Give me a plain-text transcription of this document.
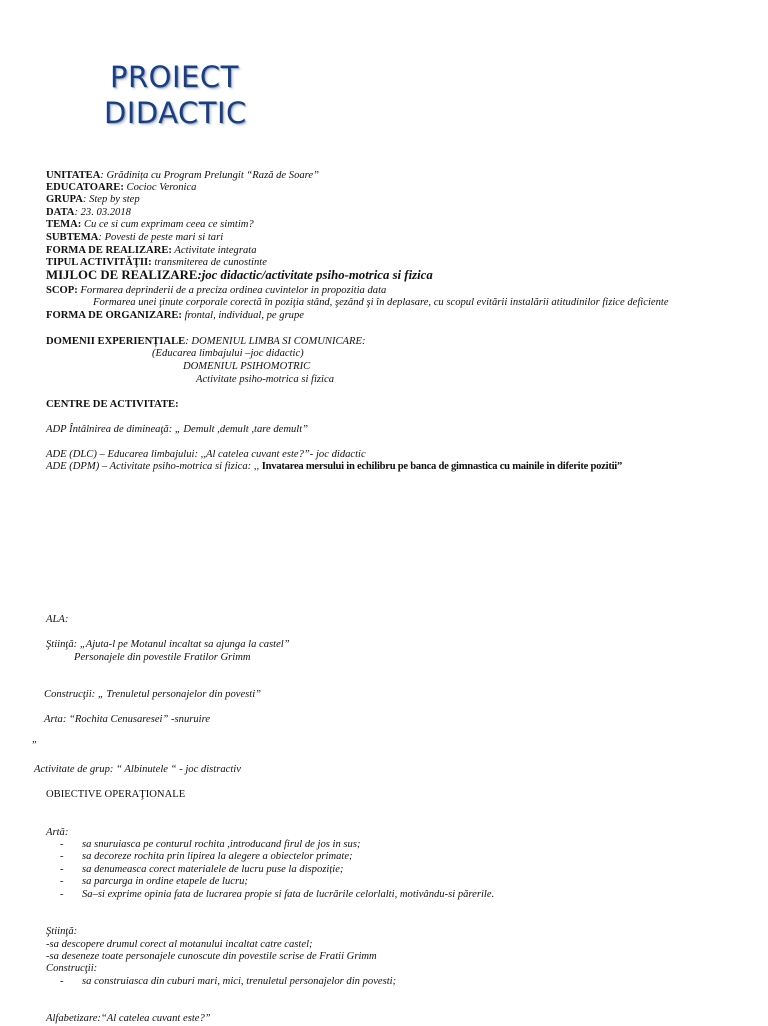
PROIECT
DIDACTIC
UNITATEA: Grădinița cu Program Prelungit “Rază de Soare”
EDUCATOARE: Cocioc Veronica
GRUPA: Step by step
DATA: 23. 03.2018
TEMA: Cu ce si cum exprimam ceea ce simtim?
SUBTEMA: Povesti de peste mari si tari
FORMA DE REALIZARE: Activitate integrata
TIPUL ACTIVITĂŢII: transmiterea de cunostinte
MIJLOC DE REALIZARE:joc didactic/activitate psiho-motrica si fizica
SCOP: Formarea deprinderii de a preciza ordinea cuvintelor in propozitia data
Formarea unei ţinute corporale corectă în poziţia stând, şezând şi în deplasare, cu scopul evitării instalării atitudinilor fizice deficiente
FORMA DE ORGANIZARE: frontal, individual, pe grupe
DOMENII EXPERIENȚIALE: DOMENIUL LIMBA SI COMUNICARE:
(Educarea limbajului –joc didactic)
DOMENIUL PSIHOMOTRIC
Activitate psiho-motrica si fizica
CENTRE DE ACTIVITATE:
ADP Întâlnirea de dimineaţă: „ Demult ,demult ,tare demult”
ADE (DLC) – Educarea limbajului: ,,Al catelea cuvant este?”- joc didactic
ADE (DPM) – Activitate psiho-motrica si fizica: ,, Invatarea mersului in echilibru pe banca de gimnastica cu mainile in diferite pozitii”
ALA:
Ştiinţă: „Ajuta-l pe Motanul incaltat sa ajunga la castel”
Personajele din povestile Fratilor Grimm
Construcţii: „ Trenuletul personajelor din povesti”
Arta: “Rochita Cenusaresei” -snuruire
„
Activitate de grup: “ Albinutele “ - joc distractiv
OBIECTIVE OPERAŢIONALE
Artă:
- sa snuruiasca pe conturul rochita ,introducand firul de jos in sus;
- sa decoreze rochita prin lipirea la alegere a obiectelor primate;
- sa denumeasca corect materialele de lucru puse la dispoziție;
- sa parcurga in ordine etapele de lucru;
- Sa–si exprime opinia fata de lucrarea propie si fata de lucrările celorlalti, motivându-si părerile.
Ştiinţă:
-sa descopere drumul corect al motanului incaltat catre castel;
-sa deseneze toate personajele cunoscute din povestile scrise de Fratii Grimm
Construcţii:
- sa construiasca din cuburi mari, mici, trenuletul personajelor din povesti;
Alfabetizare:“Al catelea cuvant este?”
